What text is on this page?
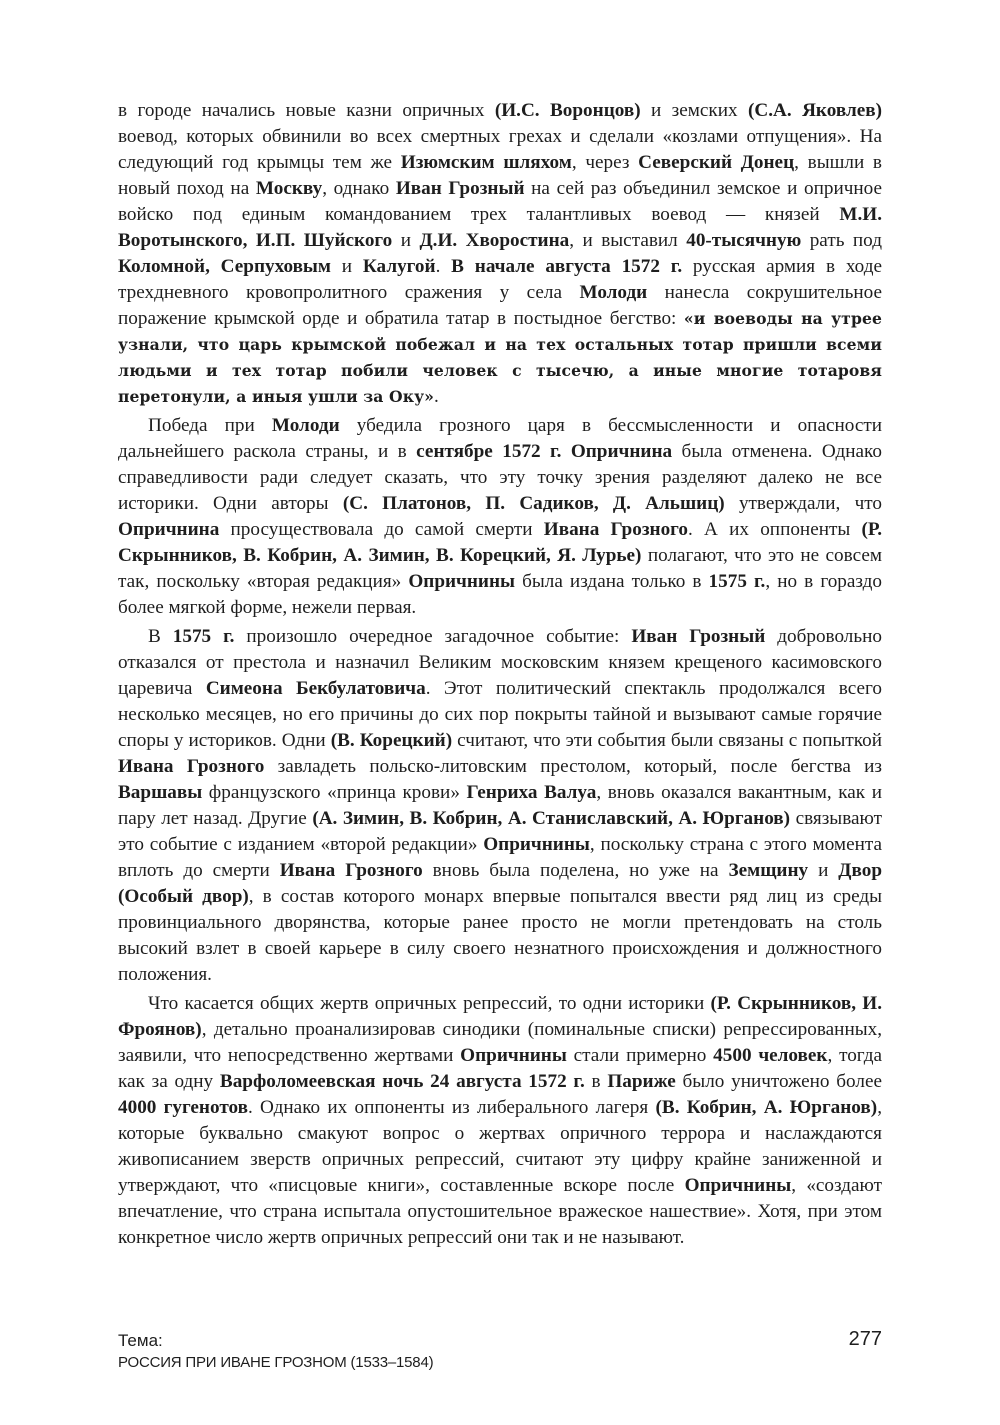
в городе начались новые казни опричных (И.С. Воронцов) и земских (С.А. Яковлев) воевод, которых обвинили во всех смертных грехах и сделали «козлами отпущения». На следующий год крымцы тем же Изюмским шляхом, через Северский Донец, вышли в новый поход на Москву, однако Иван Грозный на сей раз объединил земское и опричное войско под единым командованием трех талантливых воевод — князей М.И. Воротынского, И.П. Шуйского и Д.И. Хворостина, и выставил 40-тысячную рать под Коломной, Серпуховым и Калугой. В начале августа 1572 г. русская армия в ходе трехдневного кровопролитного сражения у села Молоди нанесла сокрушительное поражение крымской орде и обратила татар в постыдное бегство: «и воеводы на утрее узнали, что царь крымской побежал и на тех остальных тотар пришли всеми людьми и тех тотар побили человек с тысечю, а иные многие тотаровя перетонули, а иныя ушли за Оку».

Победа при Молоди убедила грозного царя в бессмысленности и опасности дальнейшего раскола страны, и в сентябре 1572 г. Опричнина была отменена. Однако справедливости ради следует сказать, что эту точку зрения разделяют далеко не все историки. Одни авторы (С. Платонов, П. Садиков, Д. Альшиц) утверждали, что Опричнина просуществовала до самой смерти Ивана Грозного. А их оппоненты (Р. Скрынников, В. Кобрин, А. Зимин, В. Корецкий, Я. Лурье) полагают, что это не совсем так, поскольку «вторая редакция» Опричнины была издана только в 1575 г., но в гораздо более мягкой форме, нежели первая.

В 1575 г. произошло очередное загадочное событие: Иван Грозный добровольно отказался от престола и назначил Великим московским князем крещеного касимовского царевича Симеона Бекбулатовича. Этот политический спектакль продолжался всего несколько месяцев, но его причины до сих пор покрыты тайной и вызывают самые горячие споры у историков. Одни (В. Корецкий) считают, что эти события были связаны с попыткой Ивана Грозного завладеть польско-литовским престолом, который, после бегства из Варшавы французского «принца крови» Генриха Валуа, вновь оказался вакантным, как и пару лет назад. Другие (А. Зимин, В. Кобрин, А. Станиславский, А. Юрганов) связывают это событие с изданием «второй редакции» Опричнины, поскольку страна с этого момента вплоть до смерти Ивана Грозного вновь была поделена, но уже на Земщину и Двор (Особый двор), в состав которого монарх впервые попытался ввести ряд лиц из среды провинциального дворянства, которые ранее просто не могли претендовать на столь высокий взлет в своей карьере в силу своего незнатного происхождения и должностного положения.

Что касается общих жертв опричных репрессий, то одни историки (Р. Скрынников, И. Фроянов), детально проанализировав синодики (поминальные списки) репрессированных, заявили, что непосредственно жертвами Опричнины стали примерно 4500 человек, тогда как за одну Варфоломеевская ночь 24 августа 1572 г. в Париже было уничтожено более 4000 гугенотов. Однако их оппоненты из либерального лагеря (В. Кобрин, А. Юрганов), которые буквально смакуют вопрос о жертвах опричного террора и наслаждаются живописанием зверств опричных репрессий, считают эту цифру крайне заниженной и утверждают, что «писцовые книги», составленные вскоре после Опричнины, «создают впечатление, что страна испытала опустошительное вражеское нашествие». Хотя, при этом конкретное число жертв опричных репрессий они так и не называют.

Тема:
РОССИЯ ПРИ ИВАНЕ ГРОЗНОМ (1533–1584)
277
